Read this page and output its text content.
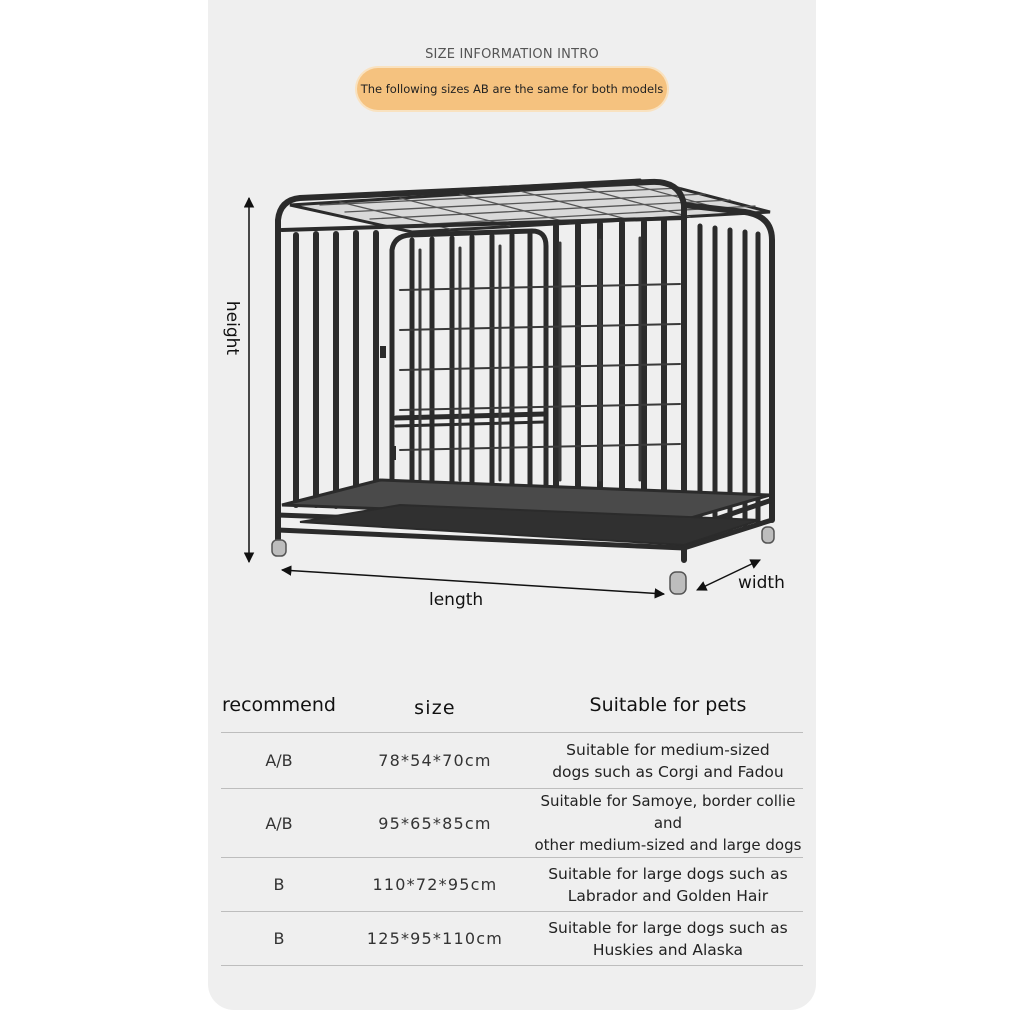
SIZE INFORMATION INTRO
The following sizes AB are the same for both models
height
length
width
recommend	size	Suitable for pets
A/B	78*54*70cm	Suitable for medium-sized
dogs such as Corgi and Fadou

A/B	95*65*85cm	Suitable for Samoye, border collie and
other medium-sized and large dogs

B	110*72*95cm	Suitable for large dogs such as
Labrador and Golden Hair

B	125*95*110cm	Suitable for large dogs such as
Huskies and Alaska
